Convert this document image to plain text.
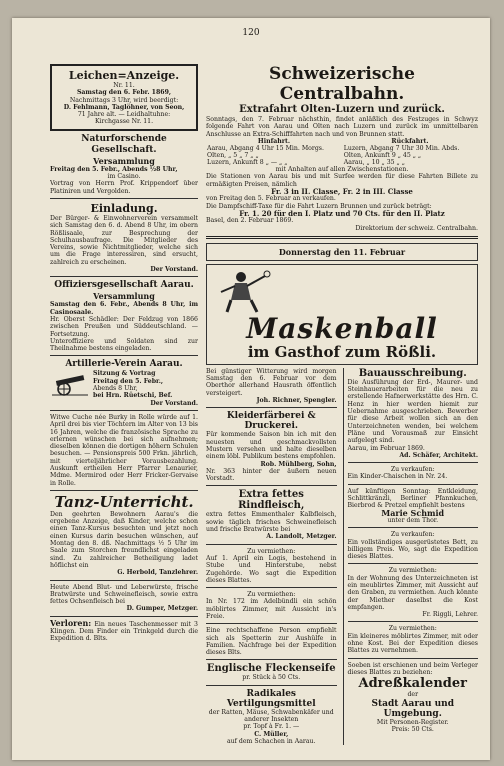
120
Leichen=Anzeige.
Nr. 11.
Samstag den 6. Febr. 1869,
Nachmittags 3 Uhr, wird beerdigt:
D. Fehlmann, Taglöhner, von Seon,
71 Jahre alt. — Leidhaltuhne:
Kirchgasse Nr. 11.
Naturforschende Gesellschaft.
Versammlung

Freitag den 5. Febr., Abends ½8 Uhr,

im Casino.

Vortrag von Herrn Prof. Krippendorf über Platiniren und Vergolden.

Einladung.

Der Bürger- & Einwohnerverein versammelt sich Samstag den 6. d. Abend 8 Uhr, im obern Rößlisaale, zur Besprechung der Schulhausbaufrage. Die Mitglieder des Vereins, sowie Nichtmitglieder, welche sich um die Frage interessiren, sind ersucht, zahlreich zu erscheinen.

Der Vorstand.

Offiziersgesellschaft Aarau.
Versammlung

Samstag den 6. Febr., Abends 8 Uhr, im Casinosaale.

Hr. Oberst Schädler: Der Feldzug von 1866 zwischen Preußen und Süddeutschland. — Fortsetzung.

Unteroffiziere und Soldaten sind zur Theilnahme bestens eingeladen.

Artillerie-Verein Aarau.

Sitzung & Vortrag

Freitag den 5. Febr.,

Abends 8 Uhr,

bei Hrn. Rüetschi, Bef.

Der Vorstand.

Witwe Cuche née Burky in Rolle würde auf 1. April drei bis vier Töchtern im Alter von 13 bis 16 Jahren, welche die französische Sprache zu erlernen wünschen bei sich aufnehmen; dieselben können die dortigen höhern Schulen besuchen. — Pensionspreis 500 Frkn. jährlich, mit vierteljährlicher Vorausbezahlung. Auskunft ertheilen Herr Pfarrer Lenaurier, Mdme. Mermirod oder Herr Fricker-Gervaise in Rolle.

Tanz-Unterricht.

Den geehrten Bewohnern Aarau's die ergebene Anzeige, daß Kinder, welche schon einen Tanz-Kursus besuchten und jetzt noch einen Kursus darin besuchen wünschen, auf Montag den 8. dß. Nachmittags ½ 5 Uhr im Saale zum Storchen freundlichst eingeladen sind. Zu zahlreicher Betheiligung ladet höflichst ein

G. Herbold, Tanzlehrer.

Heute Abend Blut- und Leberwürste, frische Bratwürste und Schweinefleisch, sowie extra fettes Ochsenfleisch bei

D. Gumper, Metzger.

Verloren: Ein neues Taschenmesser mit 3 Klingen. Dem Finder ein Trinkgeld durch die Expedition d. Blts.

Schweizerische Centralbahn.
Extrafahrt Olten-Luzern und zurück.

Sonntags, den 7. Februar nächsthin, findet anläßlich des Festzuges in Schwyz folgende Fahrt von Aarau und Olten nach Luzern und zurück im unmittelbaren Anschlusse an Extra-Schifffahrten nach und von Brunnen statt.

Hinfahrt.	Rückfahrt.
Aarau, Abgang 4 Uhr 15 Min. Morgs.	Luzern, Abgang 7 Uhr 30 Min. Abds.
Olten, „ 5 „ 7 „ „	Olten, Ankunft 9 „ 45 „ „
Luzern, Ankunft 8 „ — „ „	Aarau, „ 10 „ 35 „ „

mit Anhalten auf allen Zwischenstationen.

Die Stationen von Aarau bis und mit Surfee werden für diese Fahrten Billete zu ermäßigten Preisen, nämlich

Fr. 3 in II. Classe, Fr. 2 in III. Classe

von Freitag den 5. Februar an verkaufen.

Die Dampfschiff-Taxe für die Fahrt Luzern Brunnen und zurück beträgt:

Fr. 1. 20 für den I. Platz und 70 Cts. für den II. Platz

Basel, den 2. Februar 1869.

Direktorium der schweiz. Centralbahn.

Donnerstag den 11. Februar
Maskenball
im Gasthof zum Rößli.

Bei günstiger Witterung wird morgen Samstag den 6. Februar vor dem Oberthor allerhand Hausrath öffentlich versteigert.

Joh. Richner, Spengler.

Kleiderfärberei & Druckerei.

Für kommende Saison bin ich mit den neuesten und geschmackvollsten Mustern versehen und halte dieselben einem löbl. Publikum bestens empfohlen.

Rob. Mühlberg, Sohn,

Nr. 363 hinter der äußern neuen Vorstadt.

Extra fettes Rindfleisch,

extra fettes Emmenthaler Kalbfleisch, sowie täglich frisches Schweinefleisch und frische Bratwürste bei

A. Landolt, Metzger.

Zu vermiethen:

Auf 1. April ein Logis, bestehend in Stube und Hinterstube, nebst Zugehörde. Wo sagt die Expedition dieses Blattes.

Zu vermiethen:

In Nr. 172 im Adelbündli ein schön möblirtes Zimmer, mit Aussicht in's Freie.

Eine rechtschaffene Person empfiehlt sich als Spetterin zur Aushülfe in Familien. Nachfrage bei der Expedition dieses Blts.

Englische Fleckenseife

pr. Stück à 50 Cts.

Radikales Vertilgungsmittel

der Ratten, Mäuse, Schwabenkäfer und anderer Insekten

pr. Topf à Fr. 1. —

C. Müller,

auf dem Schachen in Aarau.

Bauausschreibung.

Die Ausführung der Erd-, Maurer- und Steinhauerarbeiten für die neu zu erstellende Hafnerwerkstätte des Hrn. C. Henz in hier werden hiemit zur Uebernahme ausgeschrieben. Bewerber für diese Arbeit wollen sich an den Unterzeichneten wenden, bei welchem Pläne und Vorausmaß zur Einsicht aufgelegt sind.

Aarau, im Februar 1869.

Ad. Schäfer, Architekt.

Zu verkaufen:

Ein Kinder-Chaischen in Nr. 24.

Auf künftigen Sonntag: Entkleidung, Schlittkränzli, Berliner Pfannkuchen, Bierbrod & Pretzel empfiehlt bestens

Marie Schmid

unter dem Thor.

Zu verkaufen:

Ein vollständiges ausgerüstetes Bett, zu billigem Preis. Wo, sagt die Expedition dieses Blattes.

Zu vermiethen:

In der Wohnung des Unterzeichneten ist ein meublirtes Zimmer, mit Aussicht auf den Graben, zu vermiethen. Auch könnte der Miether daselbst die Kost empfangen.

Fr. Riggli, Lehrer.

Zu vermiethen:

Ein kleineres möblirtes Zimmer, mit oder ohne Kost. Bei der Expedition dieses Blattes zu vernehmen.

Soeben ist erschienen und beim Verleger dieses Blattes zu beziehen:

Adreßkalender

der

Stadt Aarau und Umgebung.

Mit Personen-Register.

Preis: 50 Cts.
